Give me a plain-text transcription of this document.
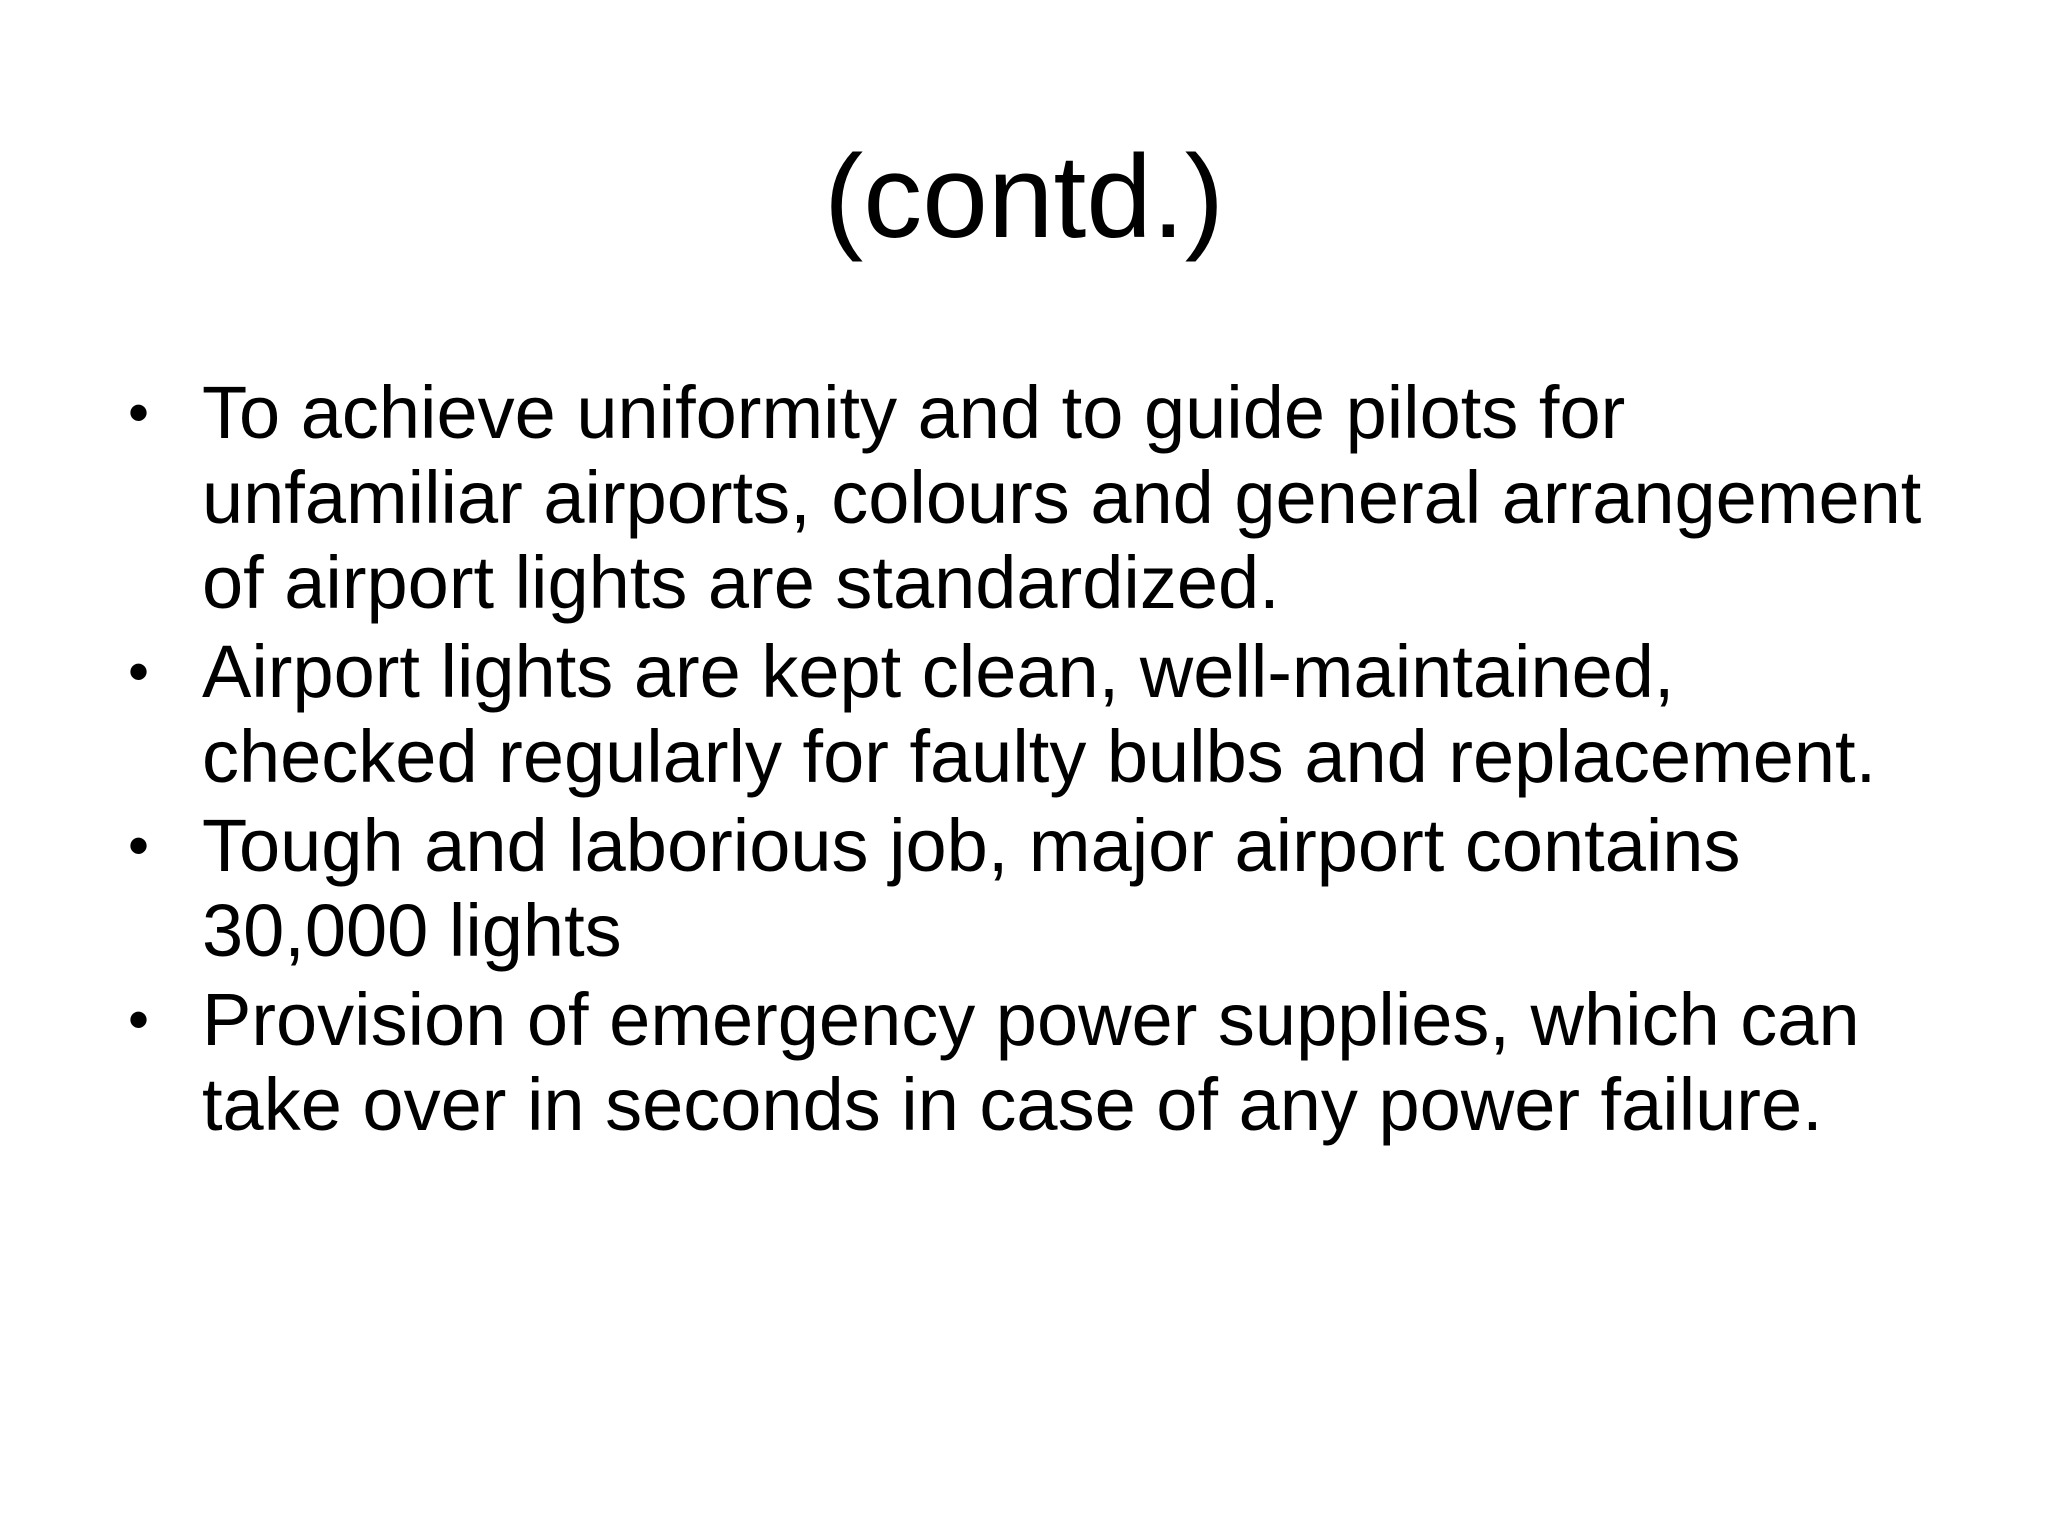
(contd.)
• To achieve uniformity and to guide pilots for unfamiliar airports, colours and general arrangement of airport lights are standardized.
• Airport lights are kept clean, well-maintained, checked regularly for faulty bulbs and replacement.
• Tough and laborious job, major airport contains 30,000 lights
• Provision of emergency power supplies, which can take over in seconds in case of any power failure.
